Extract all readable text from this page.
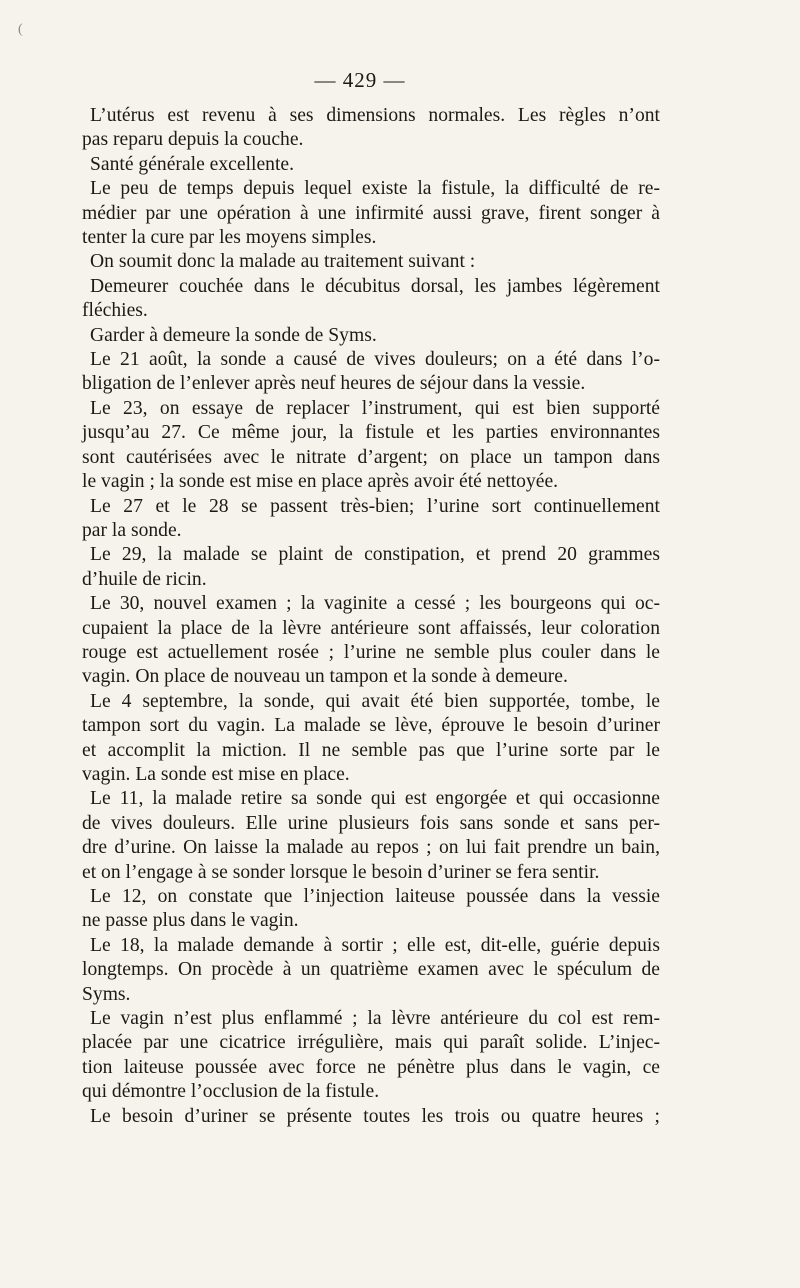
(
— 429 —
L’utérus est revenu à ses dimensions normales. Les règles n’ont
pas reparu depuis la couche.
Santé générale excellente.
Le peu de temps depuis lequel existe la fistule, la difficulté de re-
médier par une opération à une infirmité aussi grave, firent songer à
tenter la cure par les moyens simples.
On soumit donc la malade au traitement suivant :
Demeurer couchée dans le décubitus dorsal, les jambes légèrement
fléchies.
Garder à demeure la sonde de Syms.
Le 21 août, la sonde a causé de vives douleurs; on a été dans l’o-
bligation de l’enlever après neuf heures de séjour dans la vessie.
Le 23, on essaye de replacer l’instrument, qui est bien supporté
jusqu’au 27. Ce même jour, la fistule et les parties environnantes
sont cautérisées avec le nitrate d’argent; on place un tampon dans
le vagin ; la sonde est mise en place après avoir été nettoyée.
Le 27 et le 28 se passent très-bien; l’urine sort continuellement
par la sonde.
Le 29, la malade se plaint de constipation, et prend 20 grammes
d’huile de ricin.
Le 30, nouvel examen ; la vaginite a cessé ; les bourgeons qui oc-
cupaient la place de la lèvre antérieure sont affaissés, leur coloration
rouge est actuellement rosée ; l’urine ne semble plus couler dans le
vagin. On place de nouveau un tampon et la sonde à demeure.
Le 4 septembre, la sonde, qui avait été bien supportée, tombe, le
tampon sort du vagin. La malade se lève, éprouve le besoin d’uriner
et accomplit la miction. Il ne semble pas que l’urine sorte par le
vagin. La sonde est mise en place.
Le 11, la malade retire sa sonde qui est engorgée et qui occasionne
de vives douleurs. Elle urine plusieurs fois sans sonde et sans per-
dre d’urine. On laisse la malade au repos ; on lui fait prendre un bain,
et on l’engage à se sonder lorsque le besoin d’uriner se fera sentir.
Le 12, on constate que l’injection laiteuse poussée dans la vessie
ne passe plus dans le vagin.
Le 18, la malade demande à sortir ; elle est, dit-elle, guérie depuis
longtemps. On procède à un quatrième examen avec le spéculum de
Syms.
Le vagin n’est plus enflammé ; la lèvre antérieure du col est rem-
placée par une cicatrice irrégulière, mais qui paraît solide. L’injec-
tion laiteuse poussée avec force ne pénètre plus dans le vagin, ce
qui démontre l’occlusion de la fistule.
Le besoin d’uriner se présente toutes les trois ou quatre heures ;
